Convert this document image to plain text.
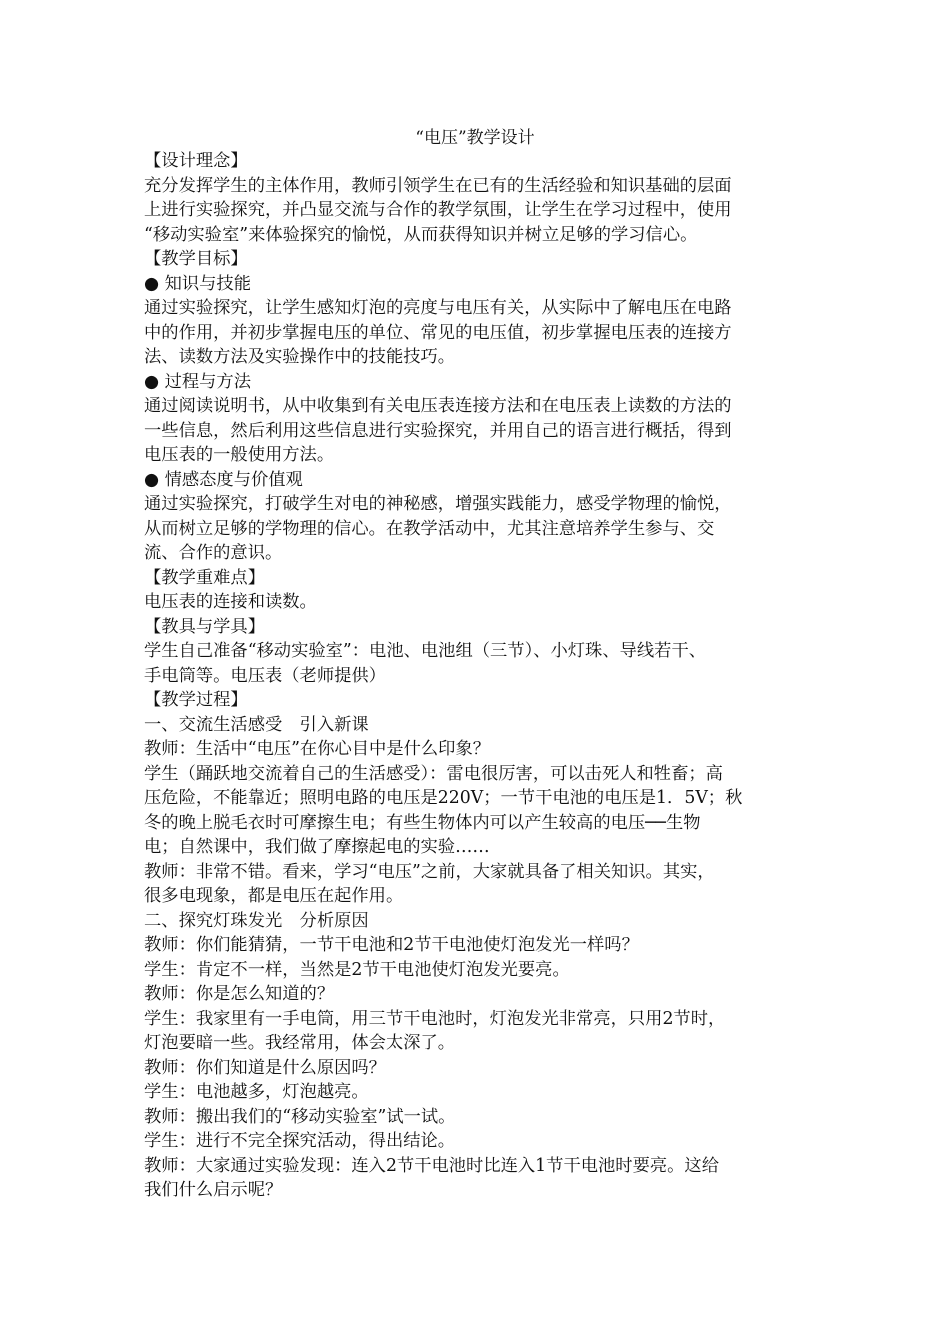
“电压”教学设计
【设计理念】
充分发挥学生的主体作用，教师引领学生在已有的生活经验和知识基础的层面
上进行实验探究，并凸显交流与合作的教学氛围，让学生在学习过程中，使用
“移动实验室”来体验探究的愉悦，从而获得知识并树立足够的学习信心。
【教学目标】
● 知识与技能
通过实验探究，让学生感知灯泡的亮度与电压有关，从实际中了解电压在电路
中的作用，并初步掌握电压的单位、常见的电压值，初步掌握电压表的连接方
法、读数方法及实验操作中的技能技巧。
● 过程与方法
通过阅读说明书，从中收集到有关电压表连接方法和在电压表上读数的方法的
一些信息，然后利用这些信息进行实验探究，并用自己的语言进行概括，得到
电压表的一般使用方法。
● 情感态度与价值观
通过实验探究，打破学生对电的神秘感，增强实践能力，感受学物理的愉悦，
从而树立足够的学物理的信心。在教学活动中，尤其注意培养学生参与、交
流、合作的意识。
【教学重难点】
电压表的连接和读数。
【教具与学具】
学生自己准备“移动实验室”：电池、电池组（三节）、小灯珠、导线若干、
手电筒等。电压表（老师提供）
【教学过程】
一、交流生活感受　引入新课
教师：生活中“电压”在你心目中是什么印象？
学生（踊跃地交流着自己的生活感受）：雷电很厉害，可以击死人和牲畜；高
压危险，不能靠近；照明电路的电压是220V；一节干电池的电压是1．5V；秋
冬的晚上脱毛衣时可摩擦生电；有些生物体内可以产生较高的电压──生物
电；自然课中，我们做了摩擦起电的实验……
教师：非常不错。看来，学习“电压”之前，大家就具备了相关知识。其实，
很多电现象，都是电压在起作用。
二、探究灯珠发光　分析原因
教师：你们能猜猜，一节干电池和2节干电池使灯泡发光一样吗？
学生：肯定不一样，当然是2节干电池使灯泡发光要亮。
教师：你是怎么知道的？
学生：我家里有一手电筒，用三节干电池时，灯泡发光非常亮，只用2节时，
灯泡要暗一些。我经常用，体会太深了。
教师：你们知道是什么原因吗？
学生：电池越多，灯泡越亮。
教师：搬出我们的“移动实验室”试一试。
学生：进行不完全探究活动，得出结论。
教师：大家通过实验发现：连入2节干电池时比连入1节干电池时要亮。这给
我们什么启示呢？
